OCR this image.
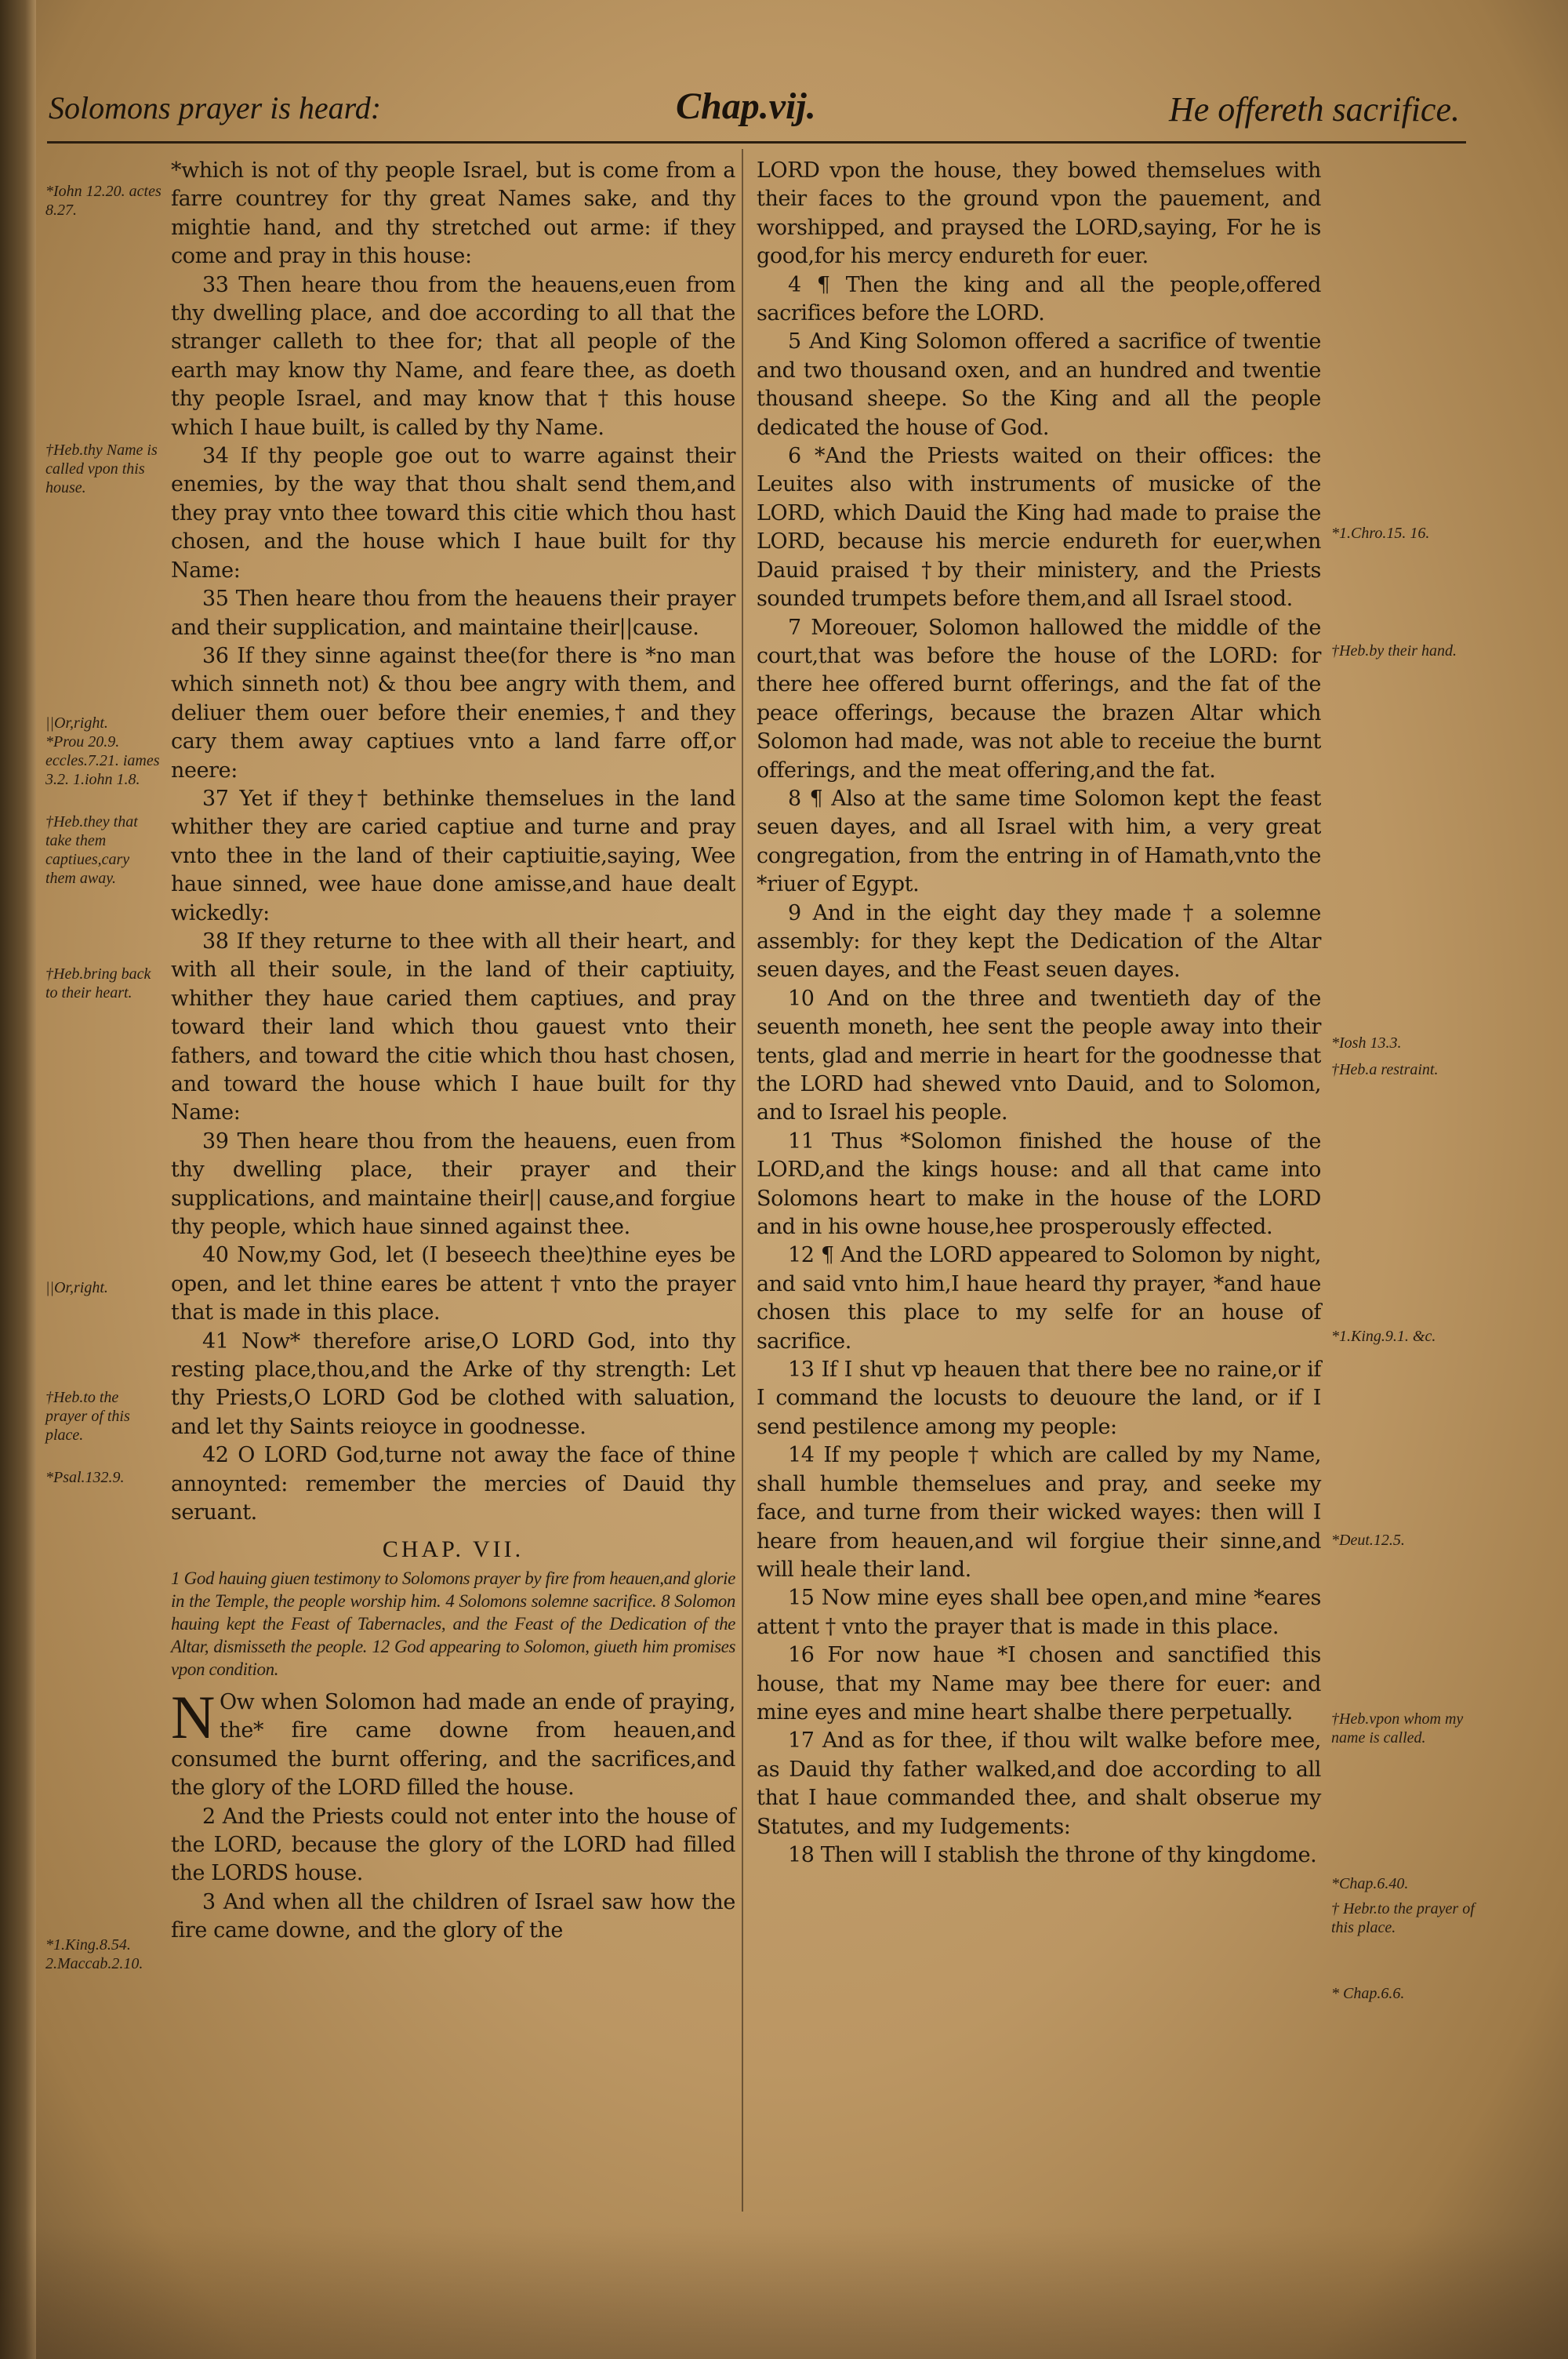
Solomons prayer is heard:	Chap.vij.	He offereth sacrifice.

*which is not of thy people Israel, but is come from a farre countrey for thy great Names sake, and thy mightie hand, and thy stretched out arme: if they come and pray in this house:

33 Then heare thou from the heauens,euen from thy dwelling place, and doe according to all that the stranger calleth to thee for; that all people of the earth may know thy Name, and feare thee, as doeth thy people Israel, and may know that † this house which I haue built, is called by thy Name.

34 If thy people goe out to warre against their enemies, by the way that thou shalt send them,and they pray vnto thee toward this citie which thou hast chosen, and the house which I haue built for thy Name:

35 Then heare thou from the heauens their prayer and their supplication, and maintaine their||cause.

36 If they sinne against thee(for there is *no man which sinneth not) & thou bee angry with them, and deliuer them ouer before their enemies,† and they cary them away captiues vnto a land farre off,or neere:

37 Yet if they† bethinke themselues in the land whither they are caried captiue and turne and pray vnto thee in the land of their captiuitie,saying, Wee haue sinned, wee haue done amisse,and haue dealt wickedly:

38 If they returne to thee with all their heart, and with all their soule, in the land of their captiuity, whither they haue caried them captiues, and pray toward their land which thou gauest vnto their fathers, and toward the citie which thou hast chosen, and toward the house which I haue built for thy Name:

39 Then heare thou from the heauens, euen from thy dwelling place, their prayer and their supplications, and maintaine their|| cause,and forgiue thy people, which haue sinned against thee.

40 Now,my God, let (I beseech thee)thine eyes be open, and let thine eares be attent † vnto the prayer that is made in this place.

41 Now* therefore arise,O LORD God, into thy resting place,thou,and the Arke of thy strength: Let thy Priests,O LORD God be clothed with saluation, and let thy Saints reioyce in goodnesse.

42 O LORD God,turne not away the face of thine annoynted: remember the mercies of Dauid thy seruant.

CHAP. VII.

1 God hauing giuen testimony to Solomons prayer by fire from heauen,and glorie in the Temple, the people worship him. 4 Solomons solemne sacrifice. 8 Solomon hauing kept the Feast of Tabernacles, and the Feast of the Dedication of the Altar, dismisseth the people. 12 God appearing to Solomon, giueth him promises vpon condition.

N Ow when Solomon had made an ende of praying, the* fire came downe from heauen,and consumed the burnt offering, and the sacrifices,and the glory of the LORD filled the house.

2 And the Priests could not enter into the house of the LORD, because the glory of the LORD had filled the LORDS house.

3 And when all the children of Israel saw how the fire came downe, and the glory of the

LORD vpon the house, they bowed themselues with their faces to the ground vpon the pauement, and worshipped, and praysed the LORD,saying, For he is good,for his mercy endureth for euer.

4 ¶ Then the king and all the people,offered sacrifices before the LORD.

5 And King Solomon offered a sacrifice of twentie and two thousand oxen, and an hundred and twentie thousand sheepe. So the King and all the people dedicated the house of God.

6 *And the Priests waited on their offices: the Leuites also with instruments of musicke of the LORD, which Dauid the King had made to praise the LORD, because his mercie endureth for euer,when Dauid praised †by their ministery, and the Priests sounded trumpets before them,and all Israel stood.

7 Moreouer, Solomon hallowed the middle of the court,that was before the house of the LORD: for there hee offered burnt offerings, and the fat of the peace offerings, because the brazen Altar which Solomon had made, was not able to receiue the burnt offerings, and the meat offering,and the fat.

8 ¶ Also at the same time Solomon kept the feast seuen dayes, and all Israel with him, a very great congregation, from the entring in of Hamath,vnto the *riuer of Egypt.

9 And in the eight day they made † a solemne assembly: for they kept the Dedication of the Altar seuen dayes, and the Feast seuen dayes.

10 And on the three and twentieth day of the seuenth moneth, hee sent the people away into their tents, glad and merrie in heart for the goodnesse that the LORD had shewed vnto Dauid, and to Solomon, and to Israel his people.

11 Thus *Solomon finished the house of the LORD,and the kings house: and all that came into Solomons heart to make in the house of the LORD and in his owne house,hee prosperously effected.

12 ¶ And the LORD appeared to Solomon by night, and said vnto him,I haue heard thy prayer, *and haue chosen this place to my selfe for an house of sacrifice.

13 If I shut vp heauen that there bee no raine,or if I command the locusts to deuoure the land, or if I send pestilence among my people:

14 If my people † which are called by my Name, shall humble themselues and pray, and seeke my face, and turne from their wicked wayes: then will I heare from heauen,and wil forgiue their sinne,and will heale their land.

15 Now mine eyes shall bee open,and mine *eares attent † vnto the prayer that is made in this place.

16 For now haue *I chosen and sanctified this house, that my Name may bee there for euer: and mine eyes and mine heart shalbe there perpetually.

17 And as for thee, if thou wilt walke before mee, as Dauid thy father walked,and doe according to all that I haue commanded thee, and shalt obserue my Statutes, and my Iudgements:

18 Then will I stablish the throne of thy kingdome.

*Iohn 12.20. actes 8.27.
†Heb.thy Name is called vpon this house.
||Or,right.
*Prou 20.9. eccles.7.21. iames 3.2. 1.iohn 1.8.
†Heb.they that take them captiues,cary them away.
†Heb.bring back to their heart.
||Or,right.
†Heb.to the prayer of this place.
*Psal.132.9.
*1.King.8.54. 2.Maccab.2.10.
*1.Chro.15. 16.
†Heb.by their hand.
*Iosh 13.3.
†Heb.a restraint.
*1.King.9.1. &c.
*Deut.12.5.
†Heb.vpon whom my name is called.
*Chap.6.40.
† Hebr.to the prayer of this place.
* Chap.6.6.
